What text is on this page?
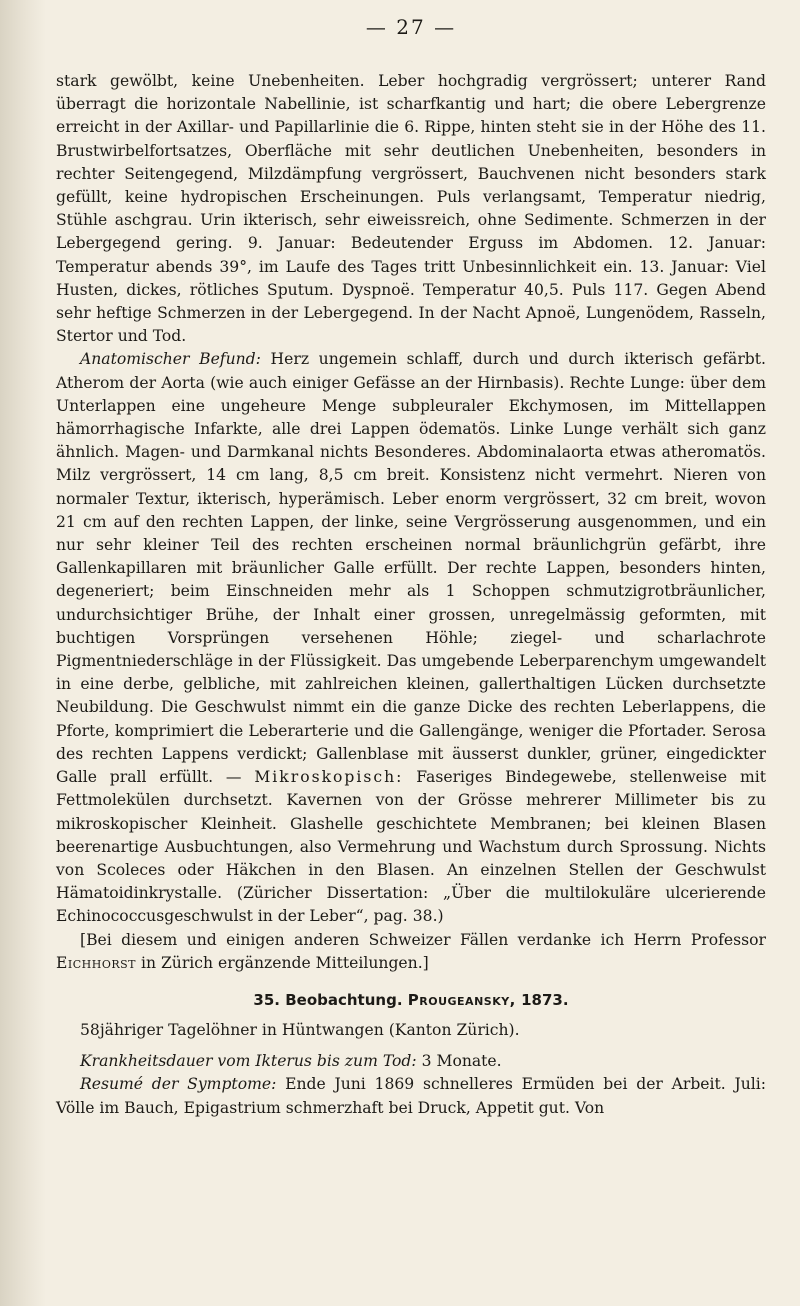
— 27 —

stark gewölbt, keine Unebenheiten. Leber hochgradig vergrössert; unterer Rand überragt die horizontale Nabellinie, ist scharfkantig und hart; die obere Lebergrenze erreicht in der Axillar- und Papillarlinie die 6. Rippe, hinten steht sie in der Höhe des 11. Brustwirbelfortsatzes, Oberfläche mit sehr deutlichen Unebenheiten, besonders in rechter Seitengegend, Milzdämpfung vergrössert, Bauchvenen nicht besonders stark gefüllt, keine hydropischen Erscheinungen. Puls verlangsamt, Temperatur niedrig, Stühle aschgrau. Urin ikterisch, sehr eiweissreich, ohne Sedimente. Schmerzen in der Lebergegend gering. 9. Januar: Bedeutender Erguss im Abdomen. 12. Januar: Temperatur abends 39°, im Laufe des Tages tritt Unbesinnlichkeit ein. 13. Januar: Viel Husten, dickes, rötliches Sputum. Dyspnoë. Temperatur 40,5. Puls 117. Gegen Abend sehr heftige Schmerzen in der Lebergegend. In der Nacht Apnoë, Lungenödem, Rasseln, Stertor und Tod.

Anatomischer Befund: Herz ungemein schlaff, durch und durch ikterisch gefärbt. Atherom der Aorta (wie auch einiger Gefässe an der Hirnbasis). Rechte Lunge: über dem Unterlappen eine ungeheure Menge subpleuraler Ekchymosen, im Mittellappen hämorrhagische Infarkte, alle drei Lappen ödematös. Linke Lunge verhält sich ganz ähnlich. Magen- und Darmkanal nichts Besonderes. Abdominalaorta etwas atheromatös. Milz vergrössert, 14 cm lang, 8,5 cm breit. Konsistenz nicht vermehrt. Nieren von normaler Textur, ikterisch, hyperämisch. Leber enorm vergrössert, 32 cm breit, wovon 21 cm auf den rechten Lappen, der linke, seine Vergrösserung ausgenommen, und ein nur sehr kleiner Teil des rechten erscheinen normal bräunlichgrün gefärbt, ihre Gallenkapillaren mit bräunlicher Galle erfüllt. Der rechte Lappen, besonders hinten, degeneriert; beim Einschneiden mehr als 1 Schoppen schmutzigrotbräunlicher, undurchsichtiger Brühe, der Inhalt einer grossen, unregelmässig geformten, mit buchtigen Vorsprüngen versehenen Höhle; ziegel- und scharlachrote Pigmentniederschläge in der Flüssigkeit. Das umgebende Leberparenchym umgewandelt in eine derbe, gelbliche, mit zahlreichen kleinen, gallerthaltigen Lücken durchsetzte Neubildung. Die Geschwulst nimmt ein die ganze Dicke des rechten Leberlappens, die Pforte, komprimiert die Leberarterie und die Gallengänge, weniger die Pfortader. Serosa des rechten Lappens verdickt; Gallenblase mit äusserst dunkler, grüner, eingedickter Galle prall erfüllt. — Mikroskopisch: Faseriges Bindegewebe, stellenweise mit Fettmolekülen durchsetzt. Kavernen von der Grösse mehrerer Millimeter bis zu mikroskopischer Kleinheit. Glashelle geschichtete Membranen; bei kleinen Blasen beerenartige Ausbuchtungen, also Vermehrung und Wachstum durch Sprossung. Nichts von Scoleces oder Häkchen in den Blasen. An einzelnen Stellen der Geschwulst Hämatoidinkrystalle. (Züricher Dissertation: „Über die multilokuläre ulcerierende Echinococcusgeschwulst in der Leber“, pag. 38.)

[Bei diesem und einigen anderen Schweizer Fällen verdanke ich Herrn Professor Eichhorst in Zürich ergänzende Mitteilungen.]

35. Beobachtung. Prougeansky, 1873.

58jähriger Tagelöhner in Hüntwangen (Kanton Zürich).

Krankheitsdauer vom Ikterus bis zum Tod: 3 Monate.

Resumé der Symptome: Ende Juni 1869 schnelleres Ermüden bei der Arbeit. Juli: Völle im Bauch, Epigastrium schmerzhaft bei Druck, Appetit gut. Von
